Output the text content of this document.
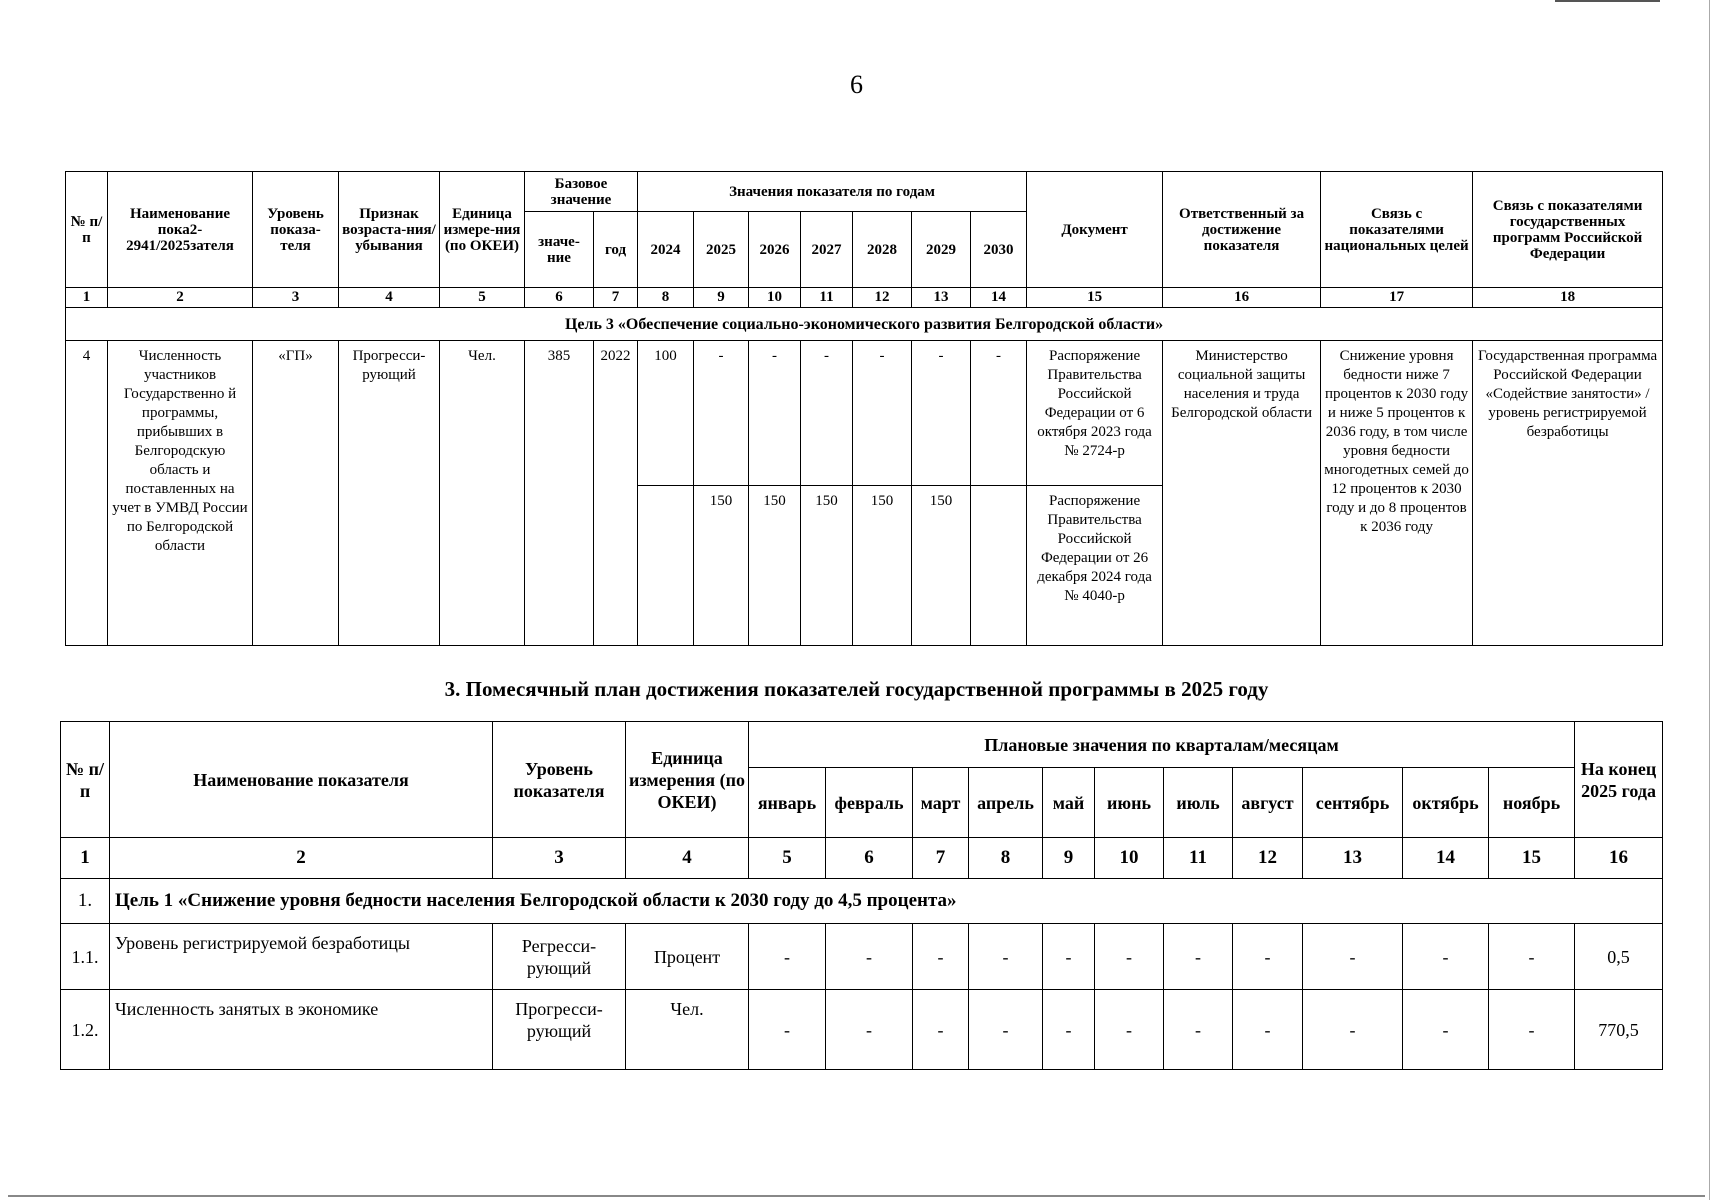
6
№ п/п	Наименование пока2-2941/2025зателя	Уровень показа-теля	Признак возраста-ния/ убывания	Единица измере-ния (по ОКЕИ)	Базовое значение		Значения показателя по годам							Документ	Ответственный за достижение показателя	Связь с показателями национальных целей	Связь с показателями государственных программ Российской Федерации
					значе-ние	год	2024	2025	2026	2027	2028	2029	2030				
1	2	3	4	5	6	7	8	9	10	11	12	13	14	15	16	17	18
Цель 3 «Обеспечение социально-экономического развития Белгородской области»																	
4	Численность участников Государственно й программы, прибывших в Белгородскую область и поставленных на учет в УМВД России по Белгородской области	«ГП»	Прогресси-рующий	Чел.	385	2022	100	-	-	-	-	-	-	Распоряжение Правительства Российской Федерации от 6 октября 2023 года № 2724-р	Министерство социальной защиты населения и труда Белгородской области	Снижение уровня бедности ниже 7 процентов к 2030 году и ниже 5 процентов к 2036 году, в том числе уровня бедности многодетных семей до 12 процентов к 2030 году и до 8 процентов к 2036 году	Государственная программа Российской Федерации «Содействие занятости» / уровень регистрируемой безработицы
								150	150	150	150	150		Распоряжение Правительства Российской Федерации от 26 декабря 2024 года № 4040-р			
3. Помесячный план достижения показателей государственной программы в 2025 году
№ п/п	Наименование показателя	Уровень показателя	Единица измерения (по ОКЕИ)	Плановые значения по кварталам/месяцам											На конец 2025 года
				январь	февраль	март	апрель	май	июнь	июль	август	сентябрь	октябрь	ноябрь	
1	2	3	4	5	6	7	8	9	10	11	12	13	14	15	16
1.	Цель 1 «Снижение уровня бедности населения Белгородской области к 2030 году до 4,5 процента»														
1.1.	Уровень регистрируемой безработицы	Регресси-рующий	Процент	-	-	-	-	-	-	-	-	-	-	-	0,5
1.2.	Численность занятых в экономике	Прогресси-рующий	Чел.	-	-	-	-	-	-	-	-	-	-	-	770,5
